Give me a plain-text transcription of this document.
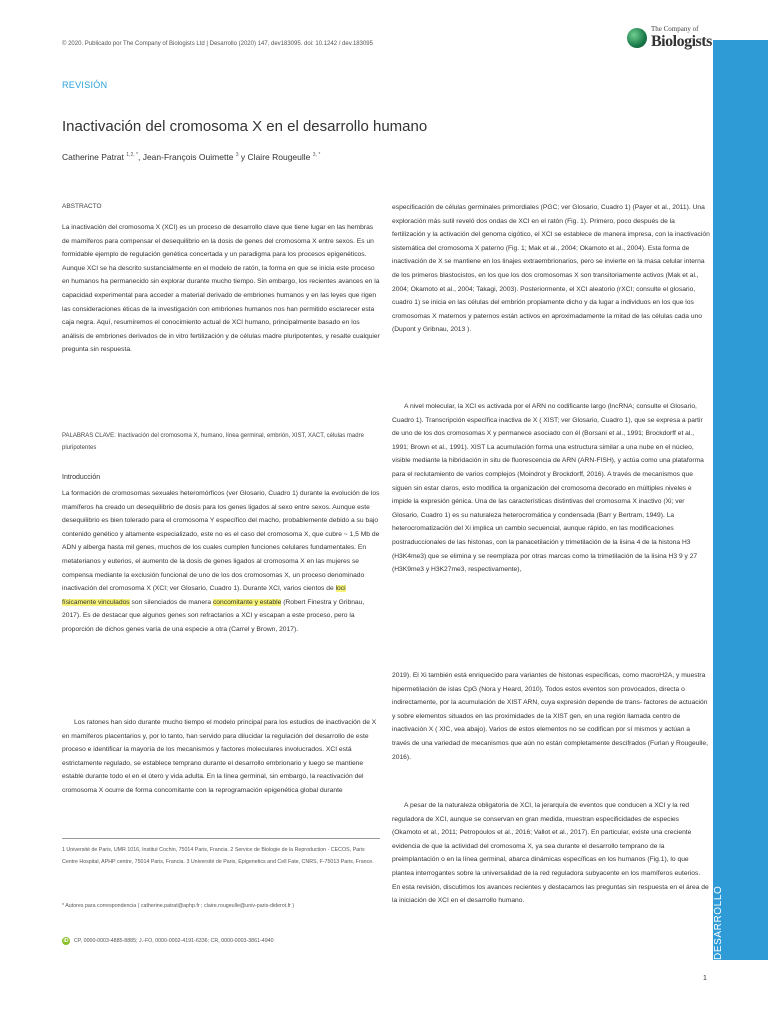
© 2020. Publicado por The Company of Biologists Ltd | Desarrollo (2020) 147, dev183095. doi: 10.1242 / dev.183095
The Company of
Biologists
REVISIÓN
Inactivación del cromosoma X en el desarrollo humano
Catherine Patrat $^{1,2, *}$, Jean-François Ouimette $^3$ y Claire Rougeulle $^{3, *}$
ABSTRACTO

La inactivación del cromosoma X (XCI) es un proceso de desarrollo clave que tiene lugar en las hembras de mamíferos para compensar el desequilibrio en la dosis de genes del cromosoma X entre sexos. Es un formidable ejemplo de regulación genética concertada y un paradigma para los procesos epigenéticos. Aunque XCI se ha descrito sustancialmente en el modelo de ratón, la forma en que se inicia este proceso en humanos ha permanecido sin explorar durante mucho tiempo. Sin embargo, los recientes avances en la capacidad experimental para acceder a material derivado de embriones humanos y en las leyes que rigen las consideraciones éticas de la investigación con embriones humanos nos han permitido esclarecer esta caja negra. Aquí, resumiremos el conocimiento actual de XCI humano, principalmente basado en los análisis de embriones derivados de in vitro fertilización y de células madre pluripotentes, y resalte cualquier pregunta sin respuesta.

PALABRAS CLAVE: Inactivación del cromosoma X, humano, línea germinal, embrión, XIST, XACT, células madre pluripotentes
Introducción

La formación de cromosomas sexuales heteromórficos (ver Glosario, Cuadro 1) durante la evolución de los mamíferos ha creado un desequilibrio de dosis para los genes ligados al sexo entre sexos. Aunque este desequilibrio es bien tolerado para el cromosoma Y específico del macho, probablemente debido a su bajo contenido genético y altamente especializado, este no es el caso del cromosoma X, que cubre ~ 1,5 Mb de ADN y alberga hasta mil genes, muchos de los cuales cumplen funciones celulares fundamentales. En metaterianos y euterios, el aumento de la dosis de genes ligados al cromosoma X en las mujeres se compensa mediante la exclusión funcional de uno de los dos cromosomas X, un proceso denominado inactivación del cromosoma X (XCI; ver Glosario, Cuadro 1). Durante XCI, varios cientos de loci físicamente vinculados son silenciados de manera concomitante y estable (Robert Finestra y Gribnau, 2017). Es de destacar que algunos genes son refractarios a XCI y escapan a este proceso, pero la proporción de dichos genes varía de una especie a otra (Carrel y Brown, 2017).

Los ratones han sido durante mucho tiempo el modelo principal para los estudios de inactivación de X en mamíferos placentarios y, por lo tanto, han servido para dilucidar la regulación del desarrollo de este proceso e identificar la mayoría de los mecanismos y factores moleculares involucrados. XCI está estrictamente regulado, se establece temprano durante el desarrollo embrionario y luego se mantiene estable durante todo el en el útero y vida adulta. En la línea germinal, sin embargo, la reactivación del cromosoma X ocurre de forma concomitante con la reprogramación epigenética global durante

1 Université de Paris, UMR 1016, Institut Cochin, 75014 Paris, Francia. 2 Service de Biologie de la Reproduction - CECOS, Paris Centre Hospital, APHP centre, 75014 Paris, Francia. 3 Université de Paris, Epigenetics and Cell Fate, CNRS, F-75013 Paris, France.
* Autores para correspondencia ( catherine.patrat@aphp.fr ; claire.rougeulle@univ-paris-diderot.fr )
iD CP, 0000-0003-4885-8885; J.-FO, 0000-0002-4191-6336; CR, 0000-0003-3861-4940

especificación de células germinales primordiales (PGC; ver Glosario, Cuadro 1) (Payer et al., 2011). Una exploración más sutil reveló dos ondas de XCI en el ratón (Fig. 1). Primero, poco después de la fertilización y la activación del genoma cigótico, el XCI se establece de manera impresa, con la inactivación sistemática del cromosoma X paterno (Fig. 1; Mak et al., 2004; Okamoto et al., 2004). Esta forma de inactivación de X se mantiene en los linajes extraembrionarios, pero se invierte en la masa celular interna de los primeros blastocistos, en los que los dos cromosomas X son transitoriamente activos (Mak et al., 2004; Okamoto et al., 2004; Takagi, 2003). Posteriormente, el XCI aleatorio (rXCI; consulte el glosario, cuadro 1) se inicia en las células del embrión propiamente dicho y da lugar a individuos en los que los cromosomas X maternos y paternos están activos en aproximadamente la mitad de las células cada uno (Dupont y Gribnau, 2013 ).

A nivel molecular, la XCI es activada por el ARN no codificante largo (lncRNA; consulte el Glosario, Cuadro 1). Transcripción específica inactiva de X ( XIST; ver Glosario, Cuadro 1), que se expresa a partir de uno de los dos cromosomas X y permanece asociado con él (Borsani et al., 1991; Brockdorff et al., 1991; Brown et al., 1991). XIST La acumulación forma una estructura similar a una nube en el núcleo, visible mediante la hibridación in situ de fluorescencia de ARN (ARN-FISH), y actúa como una plataforma para el reclutamiento de varios complejos (Moindrot y Brockdorff, 2016). A través de mecanismos que siguen sin estar claros, esto modifica la organización del cromosoma decorado en múltiples niveles e impide la expresión génica. Una de las características distintivas del cromosoma X inactivo (Xi; ver Glosario, Cuadro 1) es su naturaleza heterocromática y condensada (Barr y Bertram, 1949). La heterocromatización del Xi implica un cambio secuencial, aunque rápido, en las modificaciones postraduccionales de las histonas, con la panacetilación y trimetilación de la lisina 4 de la histona H3 (H3K4me3) que se elimina y se reemplaza por otras marcas como la trimetilación de la lisina H3 9 y 27 (H3K9me3 y H3K27me3, respectivamente),

2019). El Xi también está enriquecido para variantes de histonas específicas, como macroH2A, y muestra hipermetilación de islas CpG (Nora y Heard, 2010). Todos estos eventos son provocados, directa o indirectamente, por la acumulación de XIST ARN, cuya expresión depende de trans- factores de actuación y sobre elementos situados en las proximidades de la XIST gen, en una región llamada centro de inactivación X ( XIC, vea abajo). Varios de estos elementos no se codifican por sí mismos y actúan a través de una variedad de mecanismos que aún no están completamente descifrados (Furlan y Rougeulle, 2016).

A pesar de la naturaleza obligatoria de XCI, la jerarquía de eventos que conducen a XCI y la red reguladora de XCI, aunque se conservan en gran medida, muestran especificidades de especies (Okamoto et al., 2011; Petropoulos et al., 2016; Vallot et al., 2017). En particular, existe una creciente evidencia de que la actividad del cromosoma X, ya sea durante el desarrollo temprano de la preimplantación o en la línea germinal, abarca dinámicas específicas en los humanos (Fig.1), lo que plantea interrogantes sobre la universalidad de la red reguladora subyacente en los mamíferos euterios. En esta revisión, discutimos los avances recientes y destacamos las preguntas sin respuesta en el área de la iniciación de XCI en el desarrollo humano.	DESARROLLO
1
